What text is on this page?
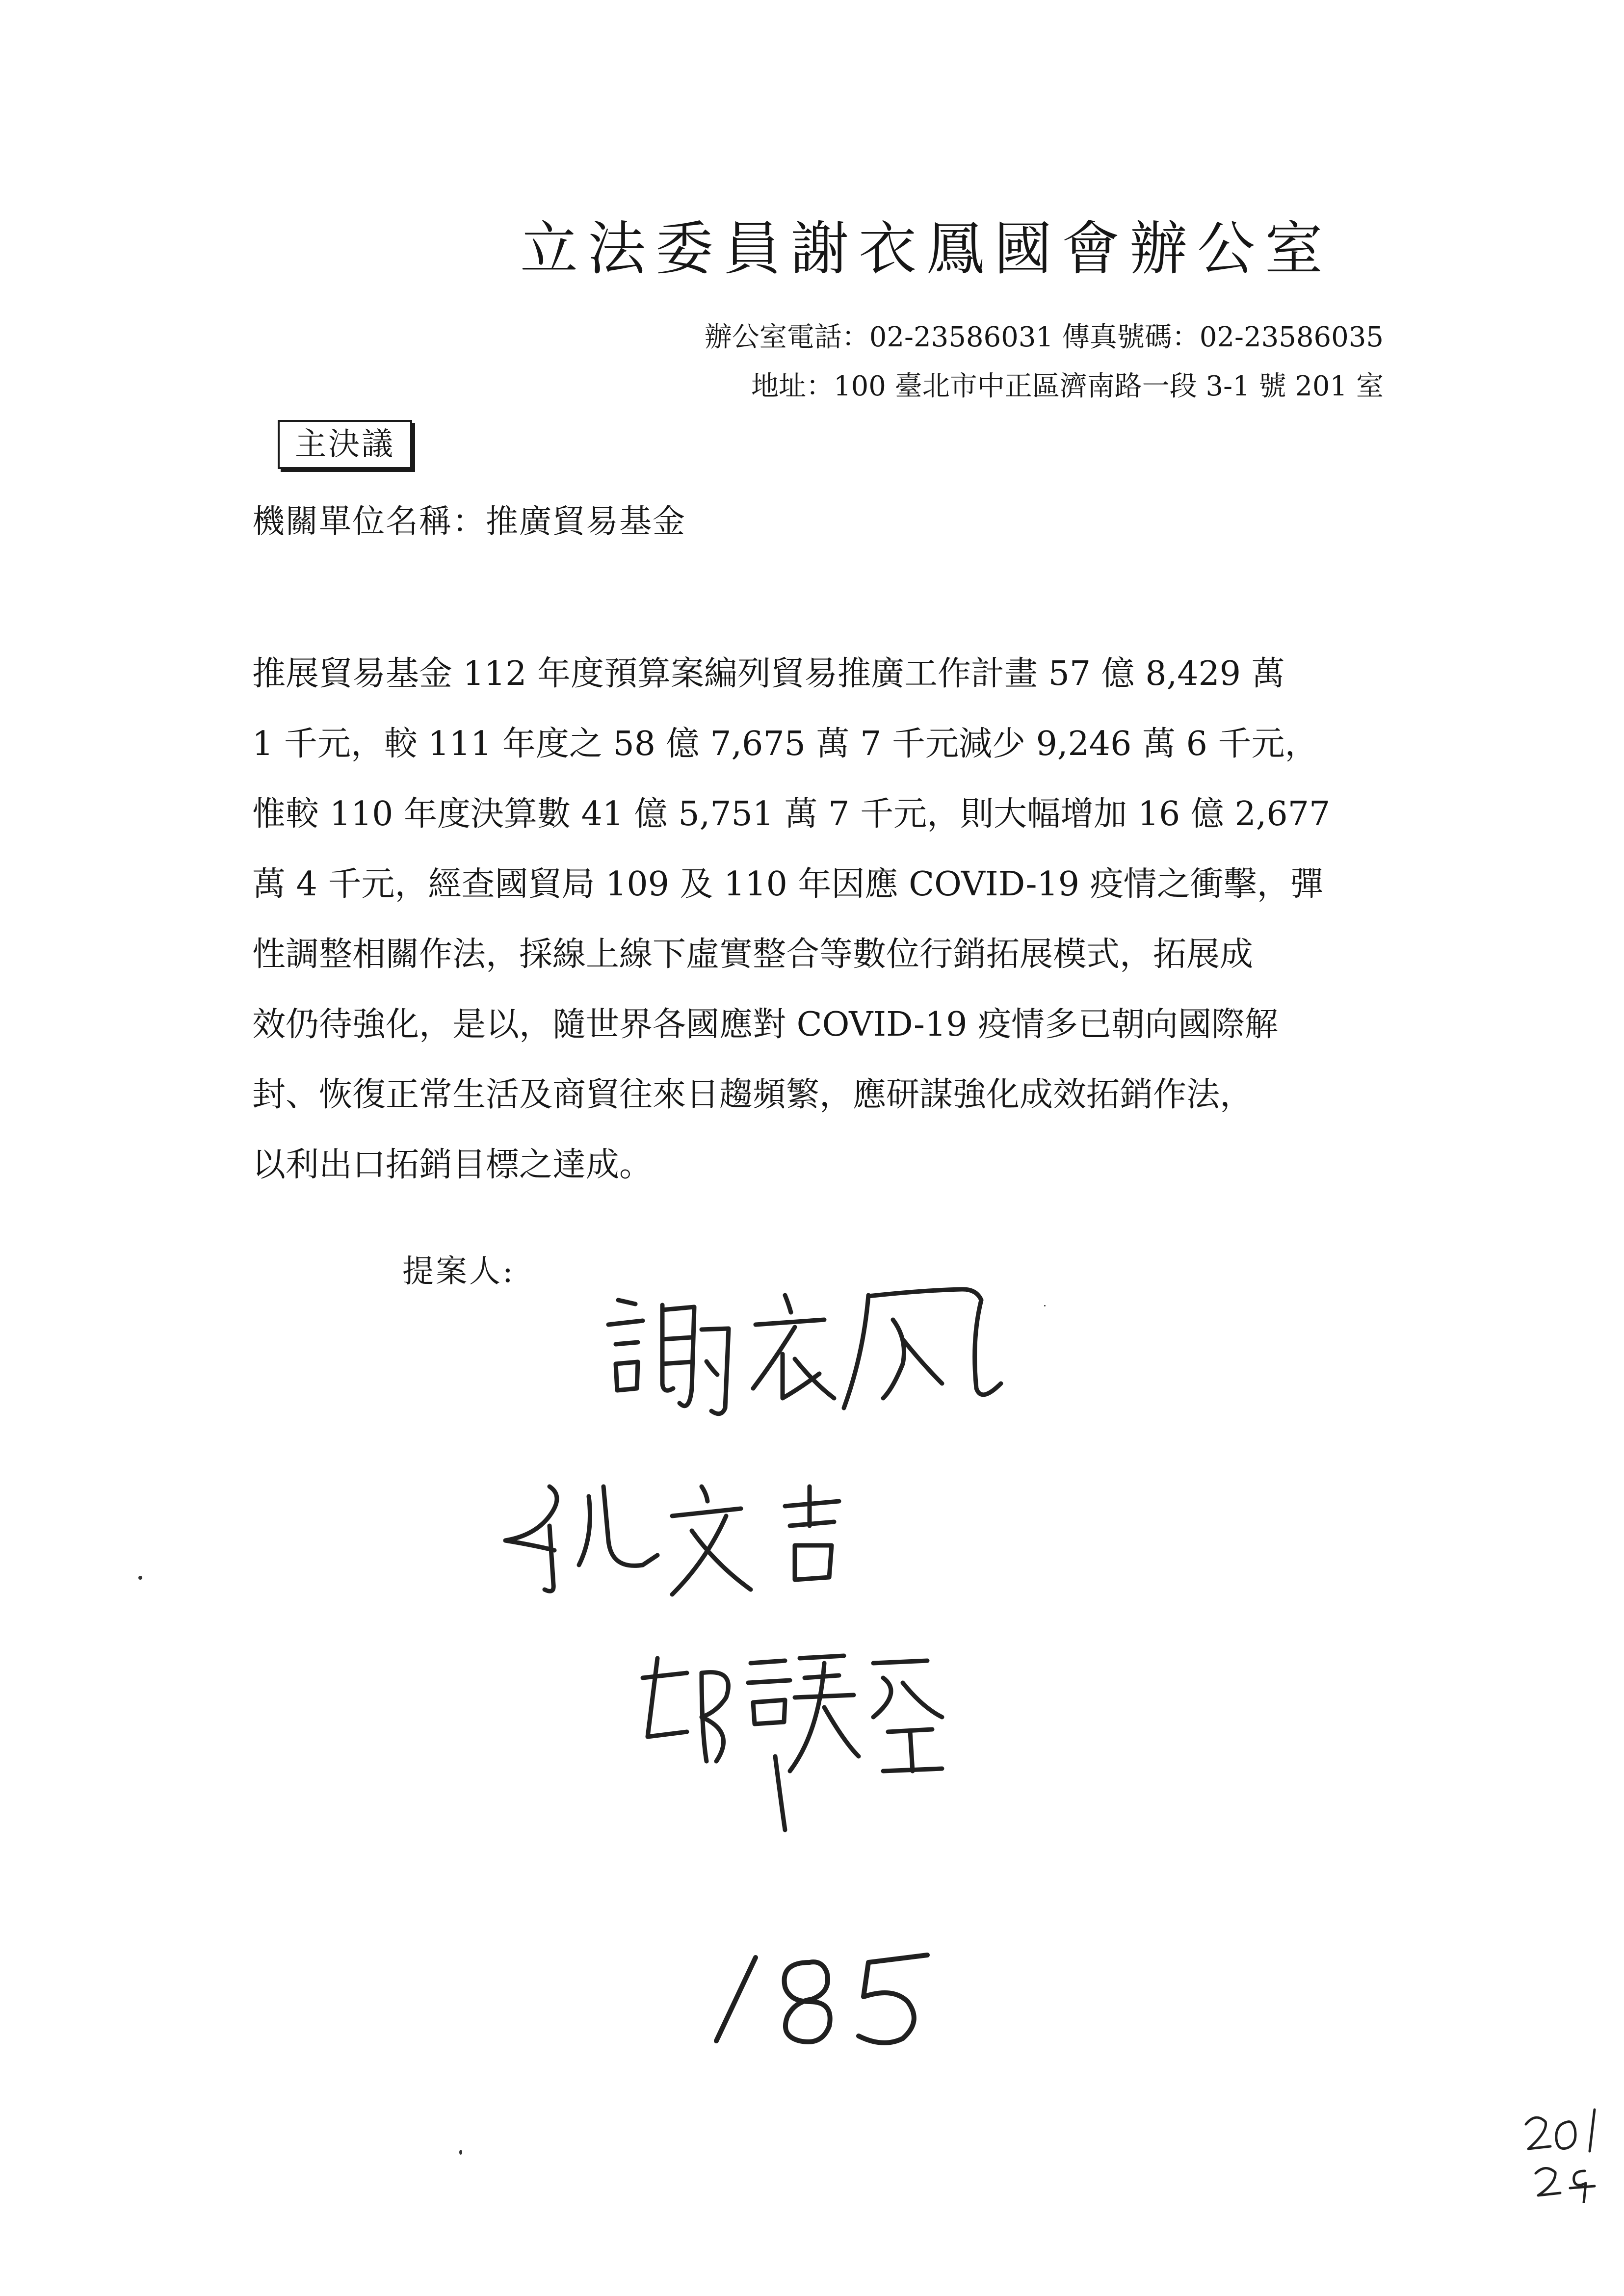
立法委員謝衣鳳國會辦公室
辦公室電話：02-23586031 傳真號碼：02-23586035
地址：100 臺北市中正區濟南路一段 3-1 號 201 室
主決議
機關單位名稱：推廣貿易基金
推展貿易基金 112 年度預算案編列貿易推廣工作計畫 57 億 8,429 萬
1 千元，較 111 年度之 58 億 7,675 萬 7 千元減少 9,246 萬 6 千元，
惟較 110 年度決算數 41 億 5,751 萬 7 千元，則大幅增加 16 億 2,677
萬 4 千元，經查國貿局 109 及 110 年因應 COVID-19 疫情之衝擊，彈
性調整相關作法，採線上線下虛實整合等數位行銷拓展模式，拓展成
效仍待強化，是以，隨世界各國應對 COVID-19 疫情多已朝向國際解
封、恢復正常生活及商貿往來日趨頻繁，應研謀強化成效拓銷作法，
以利出口拓銷目標之達成。
提案人:
